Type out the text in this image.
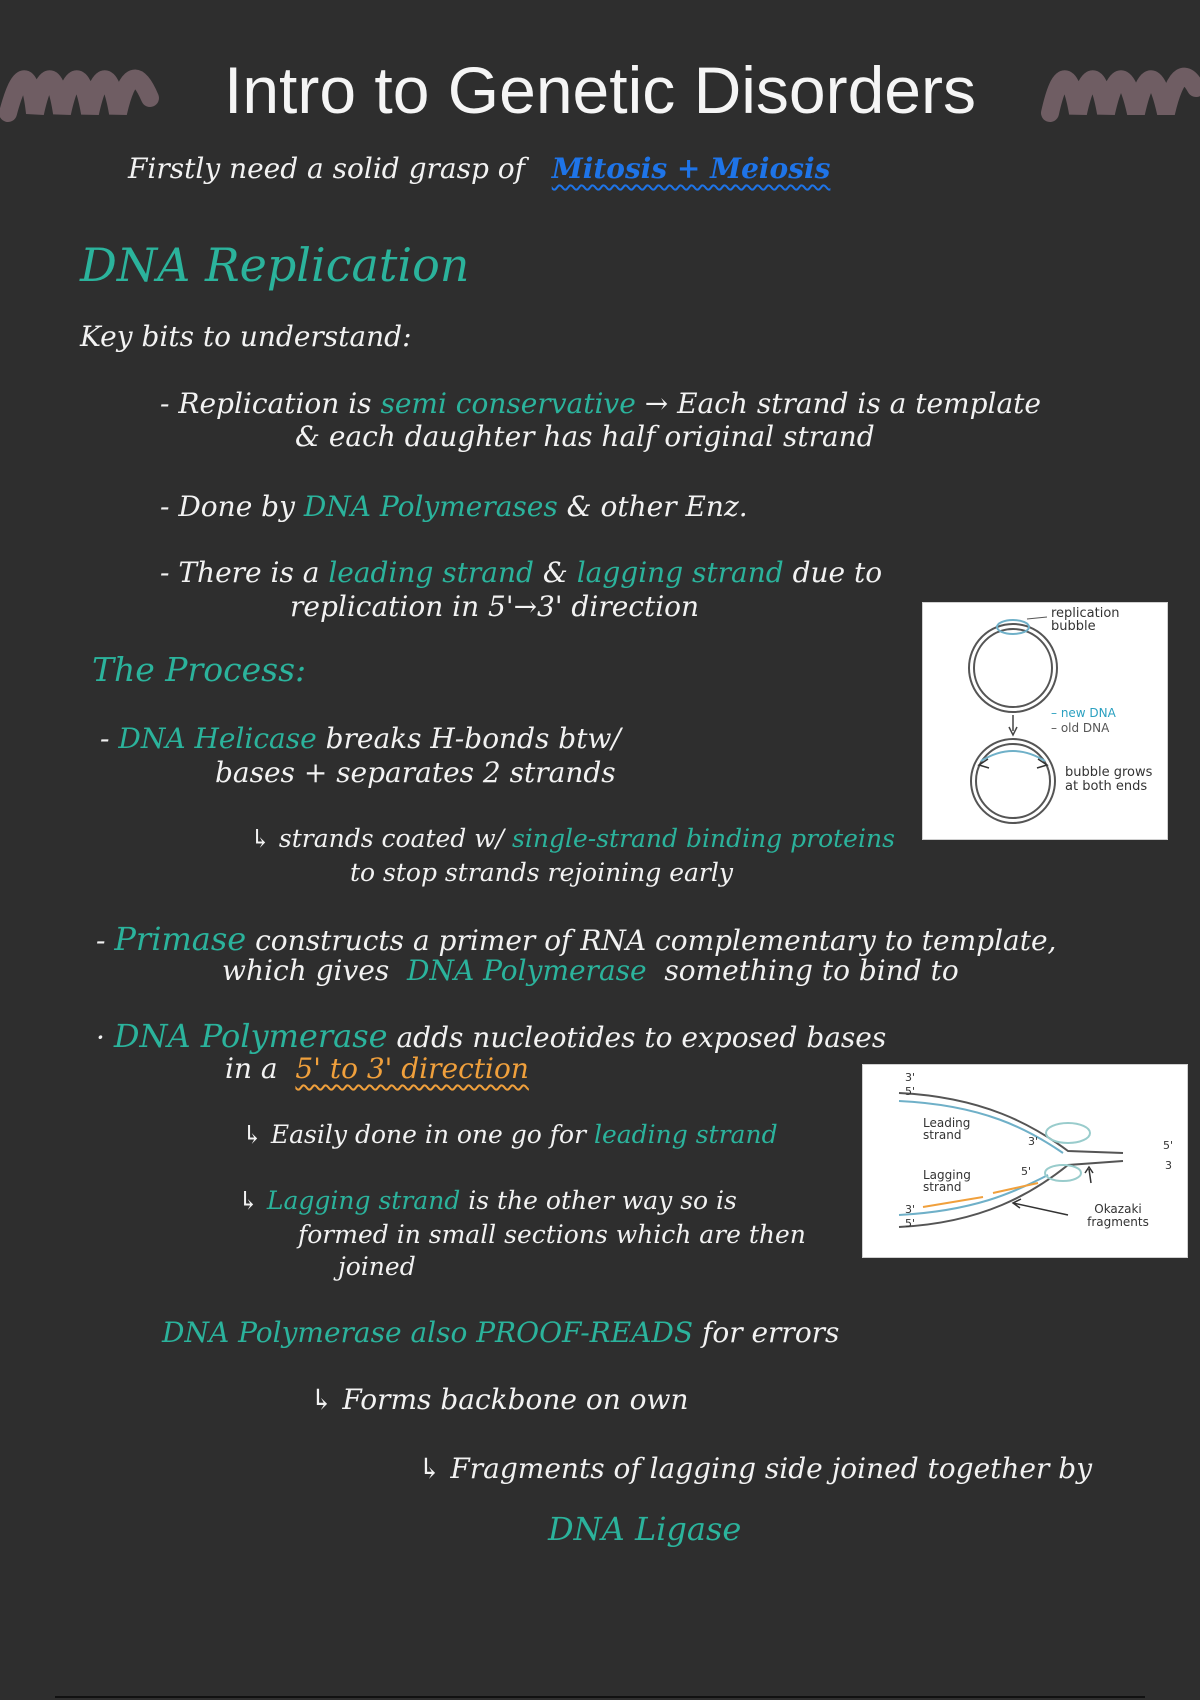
Intro to Genetic Disorders
Firstly need a solid grasp of Mitosis + Meiosis
DNA Replication
Key bits to understand:
- Replication is semi conservative → Each strand is a template
& each daughter has half original strand
- Done by DNA Polymerases & other Enz.
- There is a leading strand & lagging strand due to
replication in 5'→3' direction	replication bubble
– new DNA
– old DNA
bubble grows at both ends
The Process:
- DNA Helicase breaks H-bonds btw/
bases + separates 2 strands
↳ strands coated w/ single-strand binding proteins
to stop strands rejoining early
- Primase constructs a primer of RNA complementary to template,
which gives DNA Polymerase something to bind to
· DNA Polymerase adds nucleotides to exposed bases
in a 5' to 3' direction	3'
5'
Leading strand
Lagging strand
3'
5'
5'
3
3'
5'
Okazaki fragments
↳ Easily done in one go for leading strand
↳ Lagging strand is the other way so is
formed in small sections which are then
joined
DNA Polymerase also PROOF-READS for errors
↳ Forms backbone on own
↳ Fragments of lagging side joined together by
DNA Ligase
